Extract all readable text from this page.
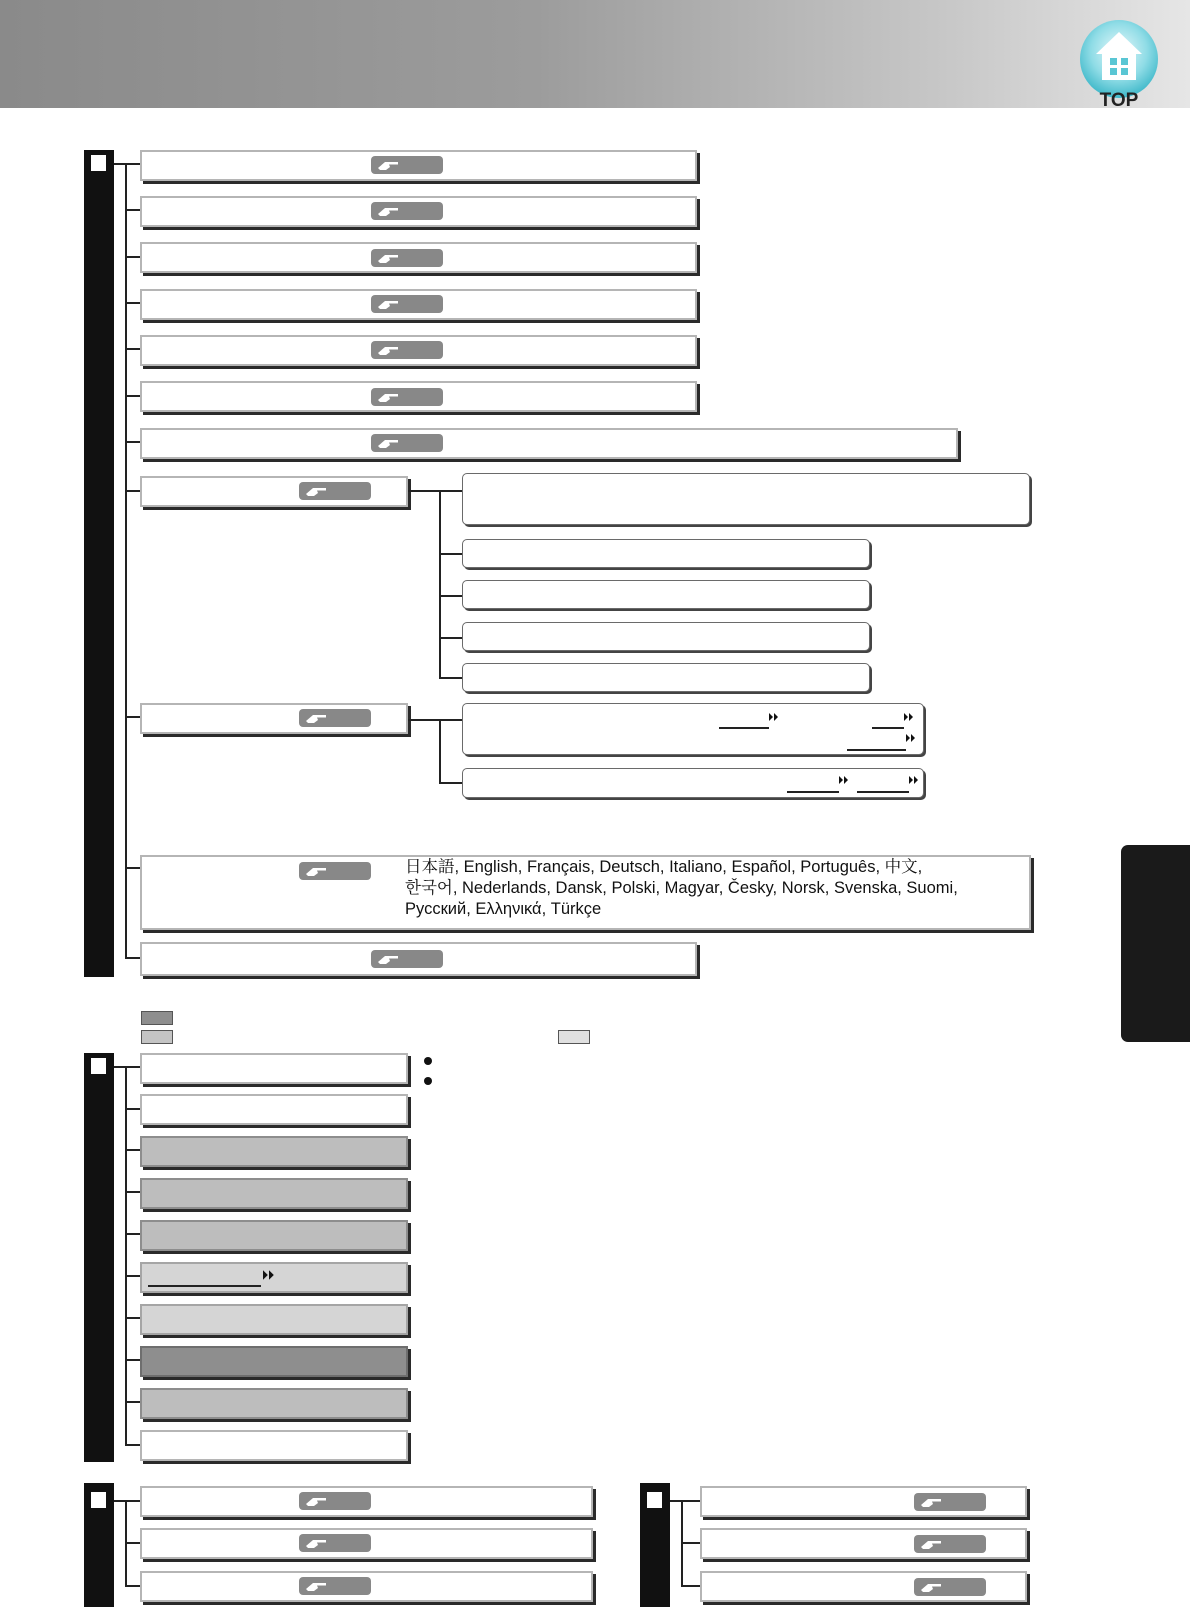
TOP
日本語, English, Français, Deutsch, Italiano, Español, Português, 中文,
한국어, Nederlands, Dansk, Polski, Magyar, Česky, Norsk, Svenska, Suomi,
Русский, Ελληνικά, Türkçe
